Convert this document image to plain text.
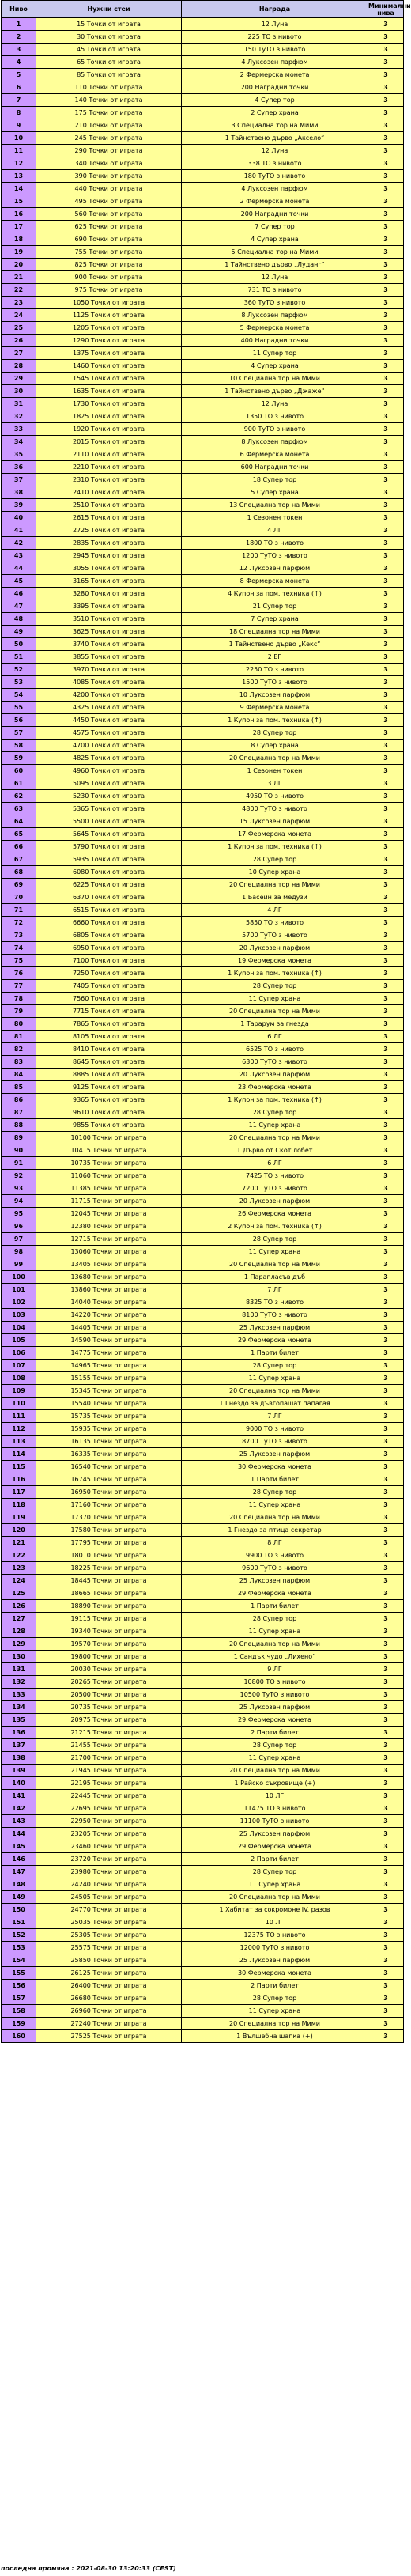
Ниво	Нужни стеи	Награда	Минимални нива
1	15 Точки от играта	12 Луна	3
2	30 Точки от играта	225 ТО з нивото	3
3	45 Точки от играта	150 ТуТО з нивото	3
4	65 Точки от играта	4 Луксозен парфюм	3
5	85 Точки от играта	2 Фермерска монета	3
6	110 Точки от играта	200 Наградни точки	3
7	140 Точки от играта	4 Супер тор	3
8	175 Точки от играта	2 Супер храна	3
9	210 Точки от играта	3 Специална тор на Мими	3
10	245 Точки от играта	1 Тайнствено дърво „Аксело“	3
11	290 Точки от играта	12 Луна	3
12	340 Точки от играта	338 ТО з нивото	3
13	390 Точки от играта	180 ТуТО з нивото	3
14	440 Точки от играта	4 Луксозен парфюм	3
15	495 Точки от играта	2 Фермерска монета	3
16	560 Точки от играта	200 Наградни точки	3
17	625 Точки от играта	7 Супер тор	3
18	690 Точки от играта	4 Супер храна	3
19	755 Точки от играта	5 Специална тор на Мими	3
20	825 Точки от играта	1 Тайнствено дърво „Луданг“	3
21	900 Точки от играта	12 Луна	3
22	975 Точки от играта	731 ТО з нивото	3
23	1050 Точки от играта	360 ТуТО з нивото	3
24	1125 Точки от играта	8 Луксозен парфюм	3
25	1205 Точки от играта	5 Фермерска монета	3
26	1290 Точки от играта	400 Наградни точки	3
27	1375 Точки от играта	11 Супер тор	3
28	1460 Точки от играта	4 Супер храна	3
29	1545 Точки от играта	10 Специална тор на Мими	3
30	1635 Точки от играта	1 Тайнствено дърво „Джаже“	3
31	1730 Точки от играта	12 Луна	3
32	1825 Точки от играта	1350 ТО з нивото	3
33	1920 Точки от играта	900 ТуТО з нивото	3
34	2015 Точки от играта	8 Луксозен парфюм	3
35	2110 Точки от играта	6 Фермерска монета	3
36	2210 Точки от играта	600 Наградни точки	3
37	2310 Точки от играта	18 Супер тор	3
38	2410 Точки от играта	5 Супер храна	3
39	2510 Точки от играта	13 Специална тор на Мими	3
40	2615 Точки от играта	1 Сезонен токен	3
41	2725 Точки от играта	4 ЛГ	3
42	2835 Точки от играта	1800 ТО з нивото	3
43	2945 Точки от играта	1200 ТуТО з нивото	3
44	3055 Точки от играта	12 Луксозен парфюм	3
45	3165 Точки от играта	8 Фермерска монета	3
46	3280 Точки от играта	4 Купон за пом. техника (↑)	3
47	3395 Точки от играта	21 Супер тор	3
48	3510 Точки от играта	7 Супер храна	3
49	3625 Точки от играта	18 Специална тор на Мими	3
50	3740 Точки от играта	1 Тайнствено дърво „Кекс“	3
51	3855 Точки от играта	2 ЕГ	3
52	3970 Точки от играта	2250 ТО з нивото	3
53	4085 Точки от играта	1500 ТуТО з нивото	3
54	4200 Точки от играта	10 Луксозен парфюм	3
55	4325 Точки от играта	9 Фермерска монета	3
56	4450 Точки от играта	1 Купон за пом. техника (↑)	3
57	4575 Точки от играта	28 Супер тор	3
58	4700 Точки от играта	8 Супер храна	3
59	4825 Точки от играта	20 Специална тор на Мими	3
60	4960 Точки от играта	1 Сезонен токен	3
61	5095 Точки от играта	3 ЛГ	3
62	5230 Точки от играта	4950 ТО з нивото	3
63	5365 Точки от играта	4800 ТуТО з нивото	3
64	5500 Точки от играта	15 Луксозен парфюм	3
65	5645 Точки от играта	17 Фермерска монета	3
66	5790 Точки от играта	1 Купон за пом. техника (↑)	3
67	5935 Точки от играта	28 Супер тор	3
68	6080 Точки от играта	10 Супер храна	3
69	6225 Точки от играта	20 Специална тор на Мими	3
70	6370 Точки от играта	1 Басейн за медузи	3
71	6515 Точки от играта	4 ЛГ	3
72	6660 Точки от играта	5850 ТО з нивото	3
73	6805 Точки от играта	5700 ТуТО з нивото	3
74	6950 Точки от играта	20 Луксозен парфюм	3
75	7100 Точки от играта	19 Фермерска монета	3
76	7250 Точки от играта	1 Купон за пом. техника (↑)	3
77	7405 Точки от играта	28 Супер тор	3
78	7560 Точки от играта	11 Супер храна	3
79	7715 Точки от играта	20 Специална тор на Мими	3
80	7865 Точки от играта	1 Тарарум за гнезда	3
81	8105 Точки от играта	6 ЛГ	3
82	8410 Точки от играта	6525 ТО з нивото	3
83	8645 Точки от играта	6300 ТуТО з нивото	3
84	8885 Точки от играта	20 Луксозен парфюм	3
85	9125 Точки от играта	23 Фермерска монета	3
86	9365 Точки от играта	1 Купон за пом. техника (↑)	3
87	9610 Точки от играта	28 Супер тор	3
88	9855 Точки от играта	11 Супер храна	3
89	10100 Точки от играта	20 Специална тор на Мими	3
90	10415 Точки от играта	1 Дърво от Скот лобет	3
91	10735 Точки от играта	6 ЛГ	3
92	11060 Точки от играта	7425 ТО з нивото	3
93	11385 Точки от играта	7200 ТуТО з нивото	3
94	11715 Точки от играта	20 Луксозен парфюм	3
95	12045 Точки от играта	26 Фермерска монета	3
96	12380 Точки от играта	2 Купон за пом. техника (↑)	3
97	12715 Точки от играта	28 Супер тор	3
98	13060 Точки от играта	11 Супер храна	3
99	13405 Точки от играта	20 Специална тор на Мими	3
100	13680 Точки от играта	1 Парапласъв дъб	3
101	13860 Точки от играта	7 ЛГ	3
102	14040 Точки от играта	8325 ТО з нивото	3
103	14220 Точки от играта	8100 ТуТО з нивото	3
104	14405 Точки от играта	25 Луксозен парфюм	3
105	14590 Точки от играта	29 Фермерска монета	3
106	14775 Точки от играта	1 Парти билет	3
107	14965 Точки от играта	28 Супер тор	3
108	15155 Точки от играта	11 Супер храна	3
109	15345 Точки от играта	20 Специална тор на Мими	3
110	15540 Точки от играта	1 Гнездо за дъвгопашат папагая	3
111	15735 Точки от играта	7 ЛГ	3
112	15935 Точки от играта	9000 ТО з нивото	3
113	16135 Точки от играта	8700 ТуТО з нивото	3
114	16335 Точки от играта	25 Луксозен парфюм	3
115	16540 Точки от играта	30 Фермерска монета	3
116	16745 Точки от играта	1 Парти билет	3
117	16950 Точки от играта	28 Супер тор	3
118	17160 Точки от играта	11 Супер храна	3
119	17370 Точки от играта	20 Специална тор на Мими	3
120	17580 Точки от играта	1 Гнездо за птица секретар	3
121	17795 Точки от играта	8 ЛГ	3
122	18010 Точки от играта	9900 ТО з нивото	3
123	18225 Точки от играта	9600 ТуТО з нивото	3
124	18445 Точки от играта	25 Луксозен парфюм	3
125	18665 Точки от играта	29 Фермерска монета	3
126	18890 Точки от играта	1 Парти билет	3
127	19115 Точки от играта	28 Супер тор	3
128	19340 Точки от играта	11 Супер храна	3
129	19570 Точки от играта	20 Специална тор на Мими	3
130	19800 Точки от играта	1 Сандък чудо „Лихено“	3
131	20030 Точки от играта	9 ЛГ	3
132	20265 Точки от играта	10800 ТО з нивото	3
133	20500 Точки от играта	10500 ТуТО з нивото	3
134	20735 Точки от играта	25 Луксозен парфюм	3
135	20975 Точки от играта	29 Фермерска монета	3
136	21215 Точки от играта	2 Парти билет	3
137	21455 Точки от играта	28 Супер тор	3
138	21700 Точки от играта	11 Супер храна	3
139	21945 Точки от играта	20 Специална тор на Мими	3
140	22195 Точки от играта	1 Райско съкровище (+)	3
141	22445 Точки от играта	10 ЛГ	3
142	22695 Точки от играта	11475 ТО з нивото	3
143	22950 Точки от играта	11100 ТуТО з нивото	3
144	23205 Точки от играта	25 Луксозен парфюм	3
145	23460 Точки от играта	29 Фермерска монета	3
146	23720 Точки от играта	2 Парти билет	3
147	23980 Точки от играта	28 Супер тор	3
148	24240 Точки от играта	11 Супер храна	3
149	24505 Точки от играта	20 Специална тор на Мими	3
150	24770 Точки от играта	1 Хабитат за сокромоне IV. разов	3
151	25035 Точки от играта	10 ЛГ	3
152	25305 Точки от играта	12375 ТО з нивото	3
153	25575 Точки от играта	12000 ТуТО з нивото	3
154	25850 Точки от играта	25 Луксозен парфюм	3
155	26125 Точки от играта	30 Фермерска монета	3
156	26400 Точки от играта	2 Парти билет	3
157	26680 Точки от играта	28 Супер тор	3
158	26960 Точки от играта	11 Супер храна	3
159	27240 Точки от играта	20 Специална тор на Мими	3
160	27525 Точки от играта	1 Вълшебна шапка (+)	3
последна промяна : 2021-08-30 13:20:33 (CEST)
